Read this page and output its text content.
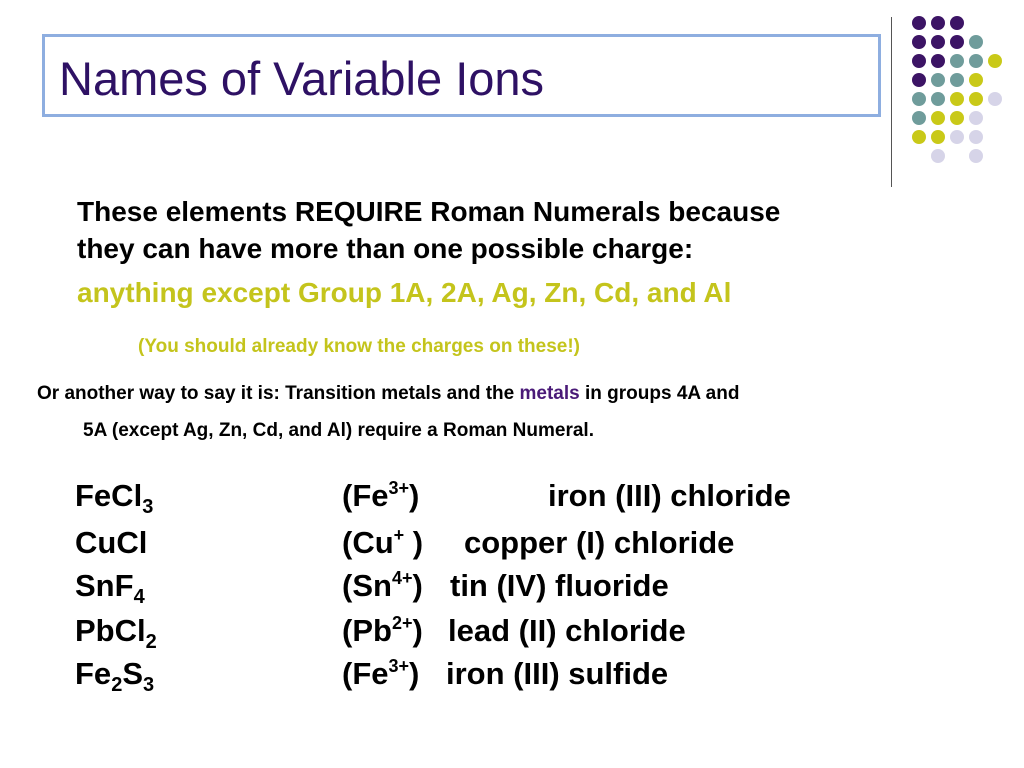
Names of Variable Ions
These elements REQUIRE Roman Numerals because
they can have more than one possible charge:
anything except Group 1A, 2A, Ag, Zn, Cd, and Al
(You should already know the charges on these!)
Or another way to say it is: Transition metals and the metals in groups 4A and
5A (except Ag, Zn, Cd, and Al) require a Roman Numeral.
FeCl$_3$	$(Fe^{3+})$	iron (III) chloride
CuCl	(Cu+ ) copper (I) chloride
SnF$_4$	$(Sn^{4+})$ tin (IV) fluoride
PbCl$_2$	$(Pb^{2+})$ lead (II) chloride
$Fe_2S_3$	$(Fe^{3+})$ iron (III) sulfide
